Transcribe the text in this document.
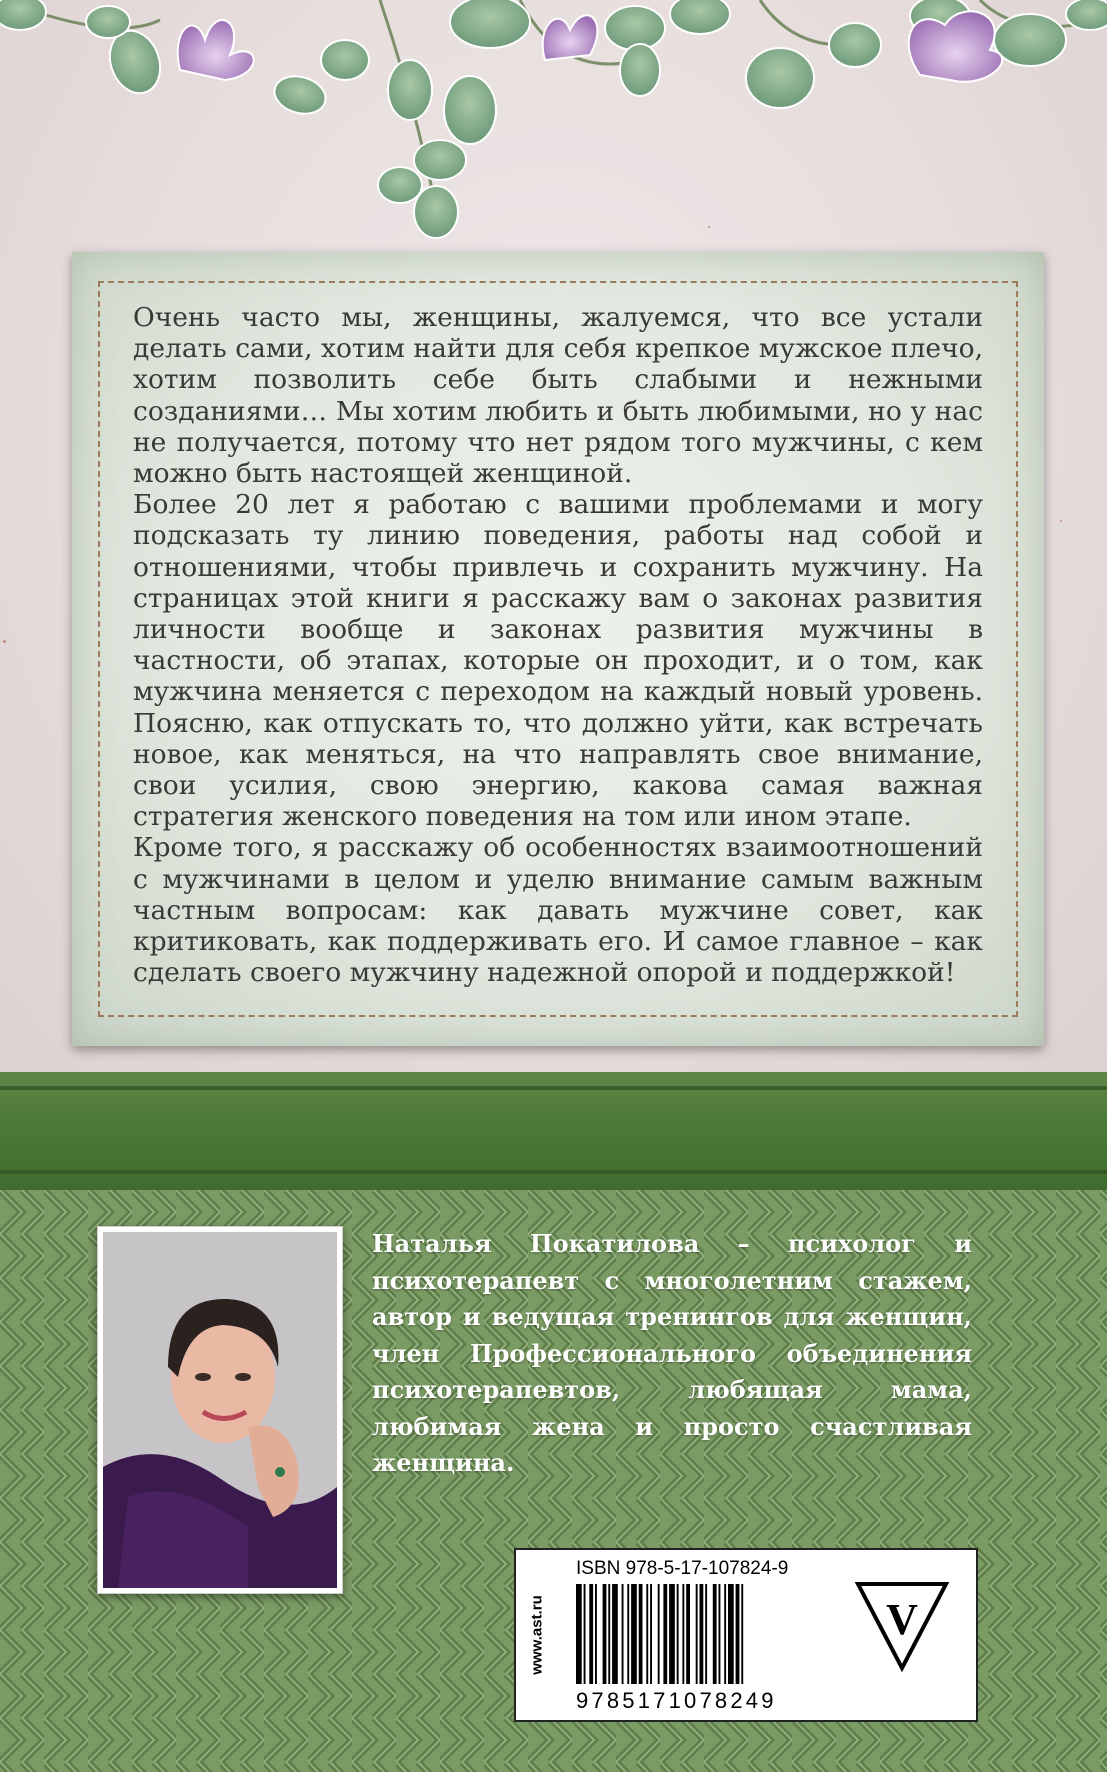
Очень часто мы, женщины, жалуемся, что все устали делать сами, хотим найти для себя крепкое мужское плечо, хотим позволить себе быть слабыми и нежными созданиями… Мы хотим любить и быть любимыми, но у нас не получается, потому что нет рядом того мужчины, с кем можно быть настоящей женщиной.

Более 20 лет я работаю с вашими проблемами и могу подсказать ту линию поведения, работы над собой и отношениями, чтобы привлечь и сохранить мужчину. На страницах этой книги я расскажу вам о законах развития личности вообще и законах развития мужчины в частности, об этапах, которые он проходит, и о том, как мужчина меняется с переходом на каждый новый уровень. Поясню, как отпускать то, что должно уйти, как встречать новое, как меняться, на что направлять свое внимание, свои усилия, свою энергию, какова самая важная стратегия женского поведения на том или ином этапе.

Кроме того, я расскажу об особенностях взаимоотношений с мужчинами в целом и уделю внимание самым важным частным вопросам: как давать мужчине совет, как критиковать, как поддерживать его. И самое главное – как сделать своего мужчину надежной опорой и поддержкой!

Наталья Покатилова – психолог и психотерапевт с многолетним стажем, автор и ведущая тренингов для женщин, член Профессионального объединения психотерапевтов, любящая мама, любимая жена и просто счастливая женщина.

www.ast.ru
ISBN 978-5-17-107824-9
9785171078249
V
